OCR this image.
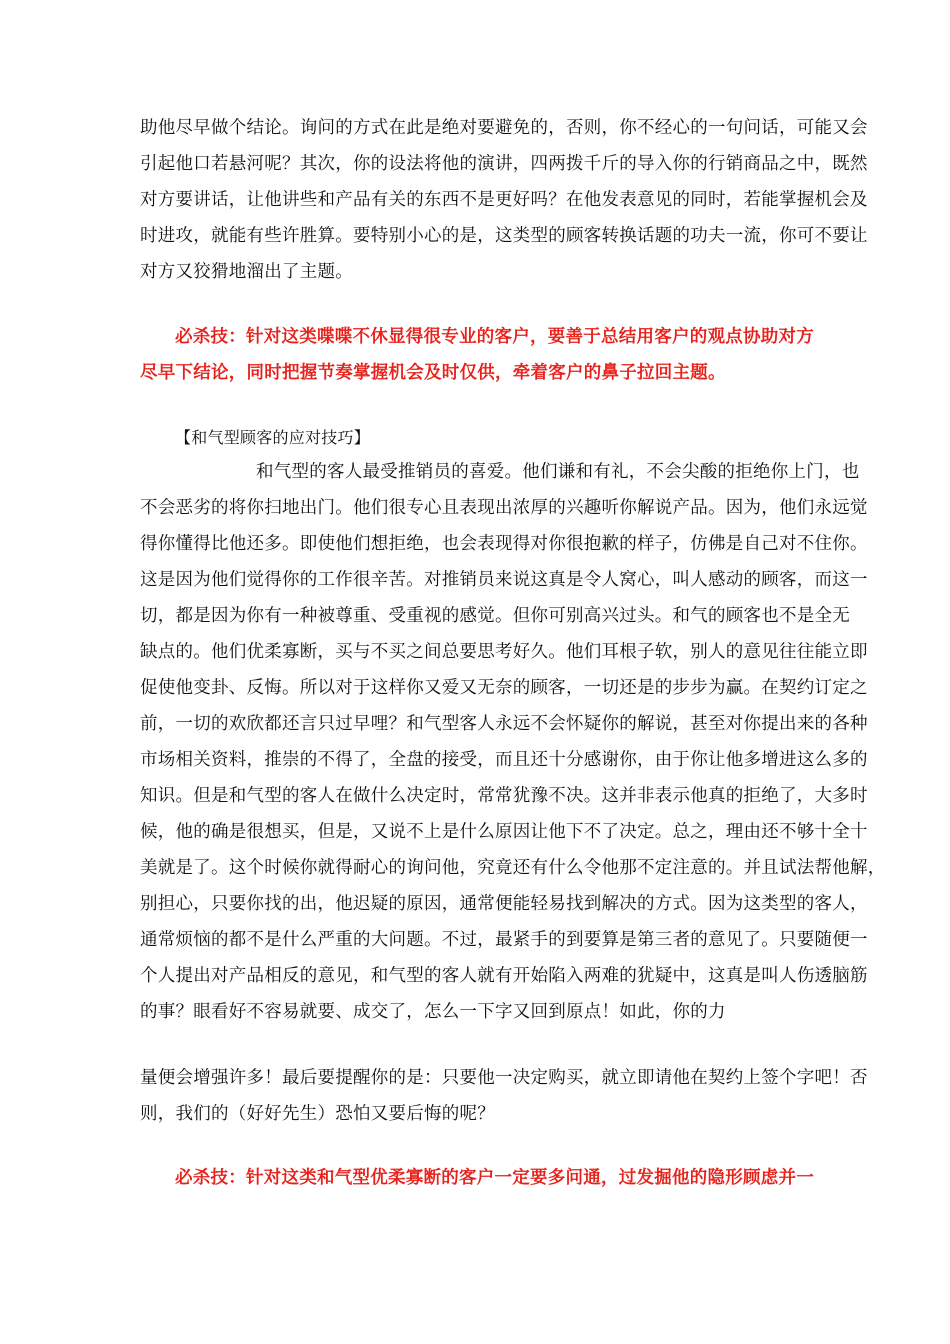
助他尽早做个结论。询问的方式在此是绝对要避免的，否则，你不经心的一句问话，可能又会
引起他口若悬河呢？其次，你的设法将他的演讲，四两拨千斤的导入你的行销商品之中，既然
对方要讲话，让他讲些和产品有关的东西不是更好吗？在他发表意见的同时，若能掌握机会及
时进攻，就能有些许胜算。要特别小心的是，这类型的顾客转换话题的功夫一流，你可不要让
对方又狡猾地溜出了主题。
必杀技：针对这类喋喋不休显得很专业的客户，要善于总结用客户的观点协助对方
尽早下结论，同时把握节奏掌握机会及时仅供，牵着客户的鼻子拉回主题。
【和气型顾客的应对技巧】
和气型的客人最受推销员的喜爱。他们谦和有礼，不会尖酸的拒绝你上门，也
不会恶劣的将你扫地出门。他们很专心且表现出浓厚的兴趣听你解说产品。因为，他们永远觉
得你懂得比他还多。即使他们想拒绝，也会表现得对你很抱歉的样子，仿佛是自己对不住你。
这是因为他们觉得你的工作很辛苦。对推销员来说这真是令人窝心，叫人感动的顾客，而这一
切，都是因为你有一种被尊重、受重视的感觉。但你可别高兴过头。和气的顾客也不是全无
缺点的。他们优柔寡断，买与不买之间总要思考好久。他们耳根子软，别人的意见往往能立即
促使他变卦、反悔。所以对于这样你又爱又无奈的顾客，一切还是的步步为赢。在契约订定之
前，一切的欢欣都还言只过早哩？和气型客人永远不会怀疑你的解说，甚至对你提出来的各种
市场相关资料，推崇的不得了，全盘的接受，而且还十分感谢你，由于你让他多增进这么多的
知识。但是和气型的客人在做什么决定时，常常犹豫不决。这并非表示他真的拒绝了，大多时
候，他的确是很想买，但是，又说不上是什么原因让他下不了决定。总之，理由还不够十全十
美就是了。这个时候你就得耐心的询问他，究竟还有什么令他那不定注意的。并且试法帮他解，
别担心，只要你找的出，他迟疑的原因，通常便能轻易找到解决的方式。因为这类型的客人，
通常烦恼的都不是什么严重的大问题。不过，最紧手的到要算是第三者的意见了。只要随便一
个人提出对产品相反的意见，和气型的客人就有开始陷入两难的犹疑中，这真是叫人伤透脑筋
的事？眼看好不容易就要、成交了，怎么一下字又回到原点！如此，你的力
量便会增强许多！最后要提醒你的是：只要他一决定购买，就立即请他在契约上签个字吧！否
则，我们的（好好先生）恐怕又要后悔的呢？
必杀技：针对这类和气型优柔寡断的客户一定要多问通，过发掘他的隐形顾虑并一
